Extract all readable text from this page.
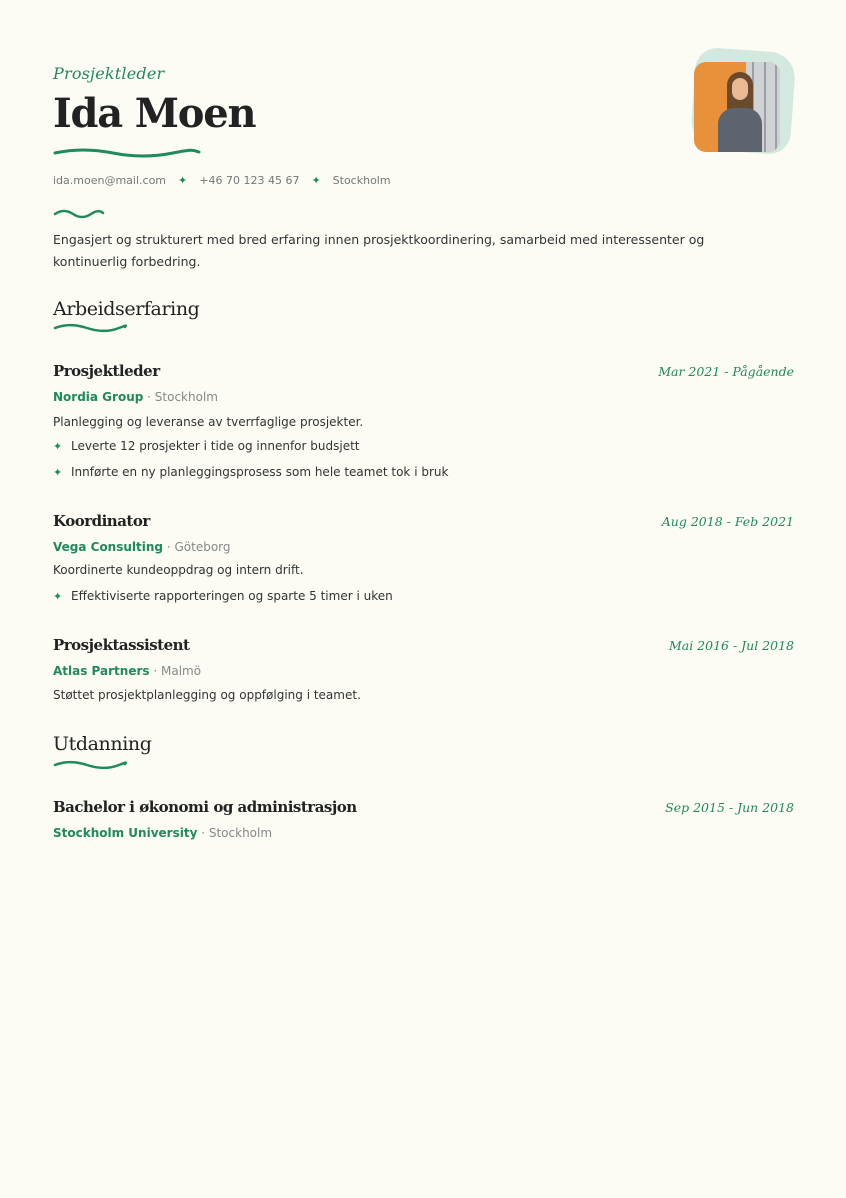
Prosjektleder
Ida Moen
ida.moen@mail.com ✦ +46 70 123 45 67 ✦ Stockholm
Engasjert og strukturert med bred erfaring innen prosjektkoordinering, samarbeid med interessenter og kontinuerlig forbedring.
Arbeidserfaring
Prosjektleder	Mar 2021 - Pågående
Nordia Group · Stockholm
Planlegging og leveranse av tverrfaglige prosjekter.
✦ Leverte 12 prosjekter i tide og innenfor budsjett
✦ Innførte en ny planleggingsprosess som hele teamet tok i bruk
Koordinator	Aug 2018 - Feb 2021
Vega Consulting · Göteborg
Koordinerte kundeoppdrag og intern drift.
✦ Effektiviserte rapporteringen og sparte 5 timer i uken
Prosjektassistent	Mai 2016 - Jul 2018
Atlas Partners · Malmö
Støttet prosjektplanlegging og oppfølging i teamet.
Utdanning
Bachelor i økonomi og administrasjon	Sep 2015 - Jun 2018
Stockholm University · Stockholm
